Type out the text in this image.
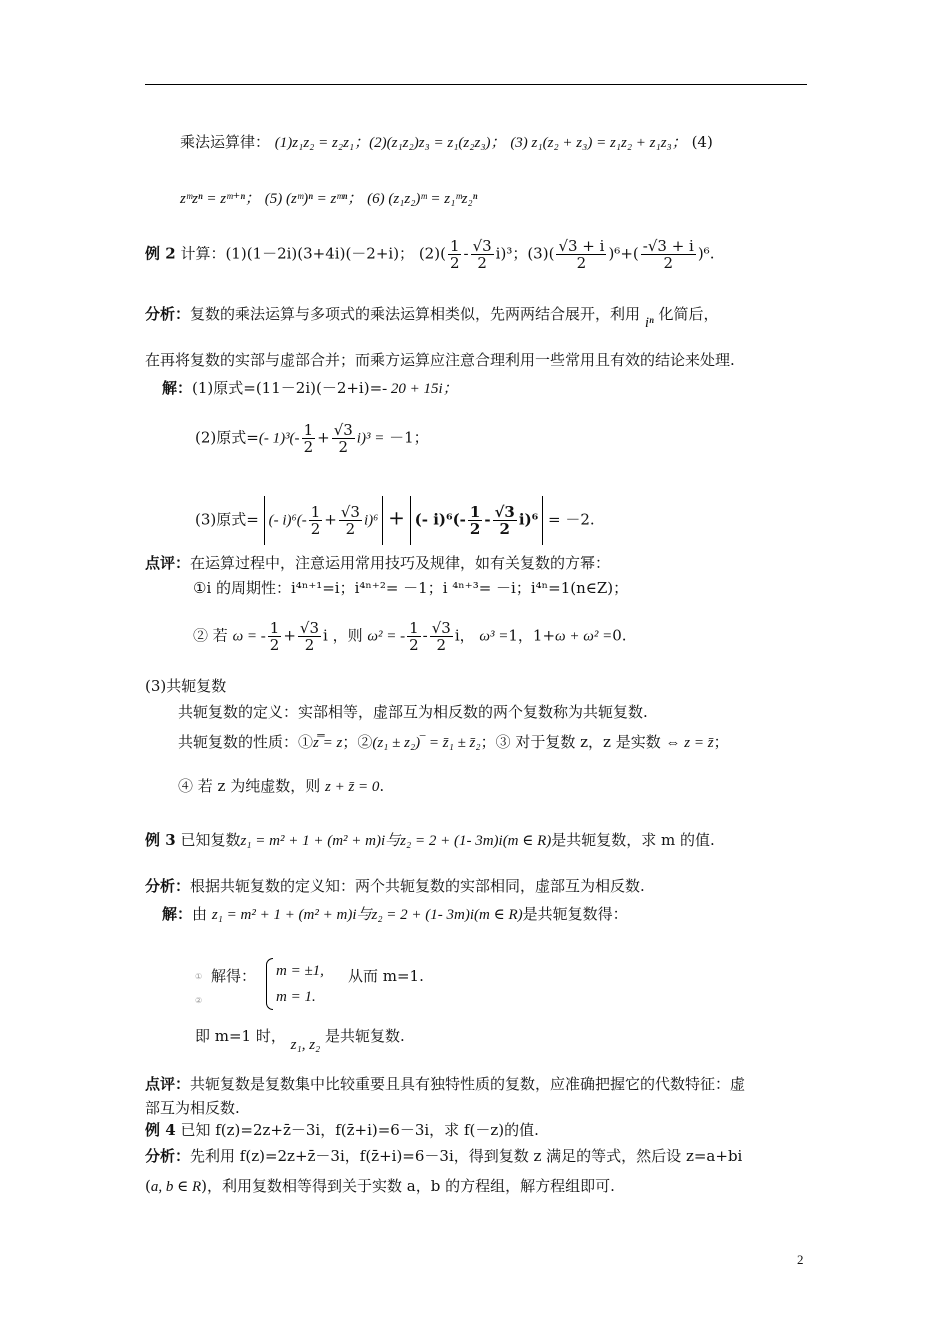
乘法运算律： (1)z₁z₂ = z₂z₁；(2)(z₁z₂)z₃ = z₁(z₂z₃)； (3) z₁(z₂ + z₃) = z₁z₂ + z₁z₃； (4)
zᵐzⁿ = zᵐ⁺ⁿ； (5) (zᵐ)ⁿ = zᵐⁿ； (6) (z₁z₂)ᵐ = z₁ᵐz₂ⁿ
例 2 计算：(1)(1－2i)(3+4i)(－2+i)； $(2)( \frac{1}{2} - \frac{√3}{2} i)^3$；$(3)( \frac{√3 + i}{2} )^6+( \frac{-√3 + i}{2} )^6$.
分析：复数的乘法运算与多项式的乘法运算相类似，先两两结合展开，利用 iⁿ 化简后，
在再将复数的实部与虚部合并；而乘方运算应注意合理利用一些常用且有效的结论来处理.
解：(1)原式=(11－2i)(－2+i)=- 20 + 15i；
(2)原式=(- $1)^3(- \frac{1}{2} + \frac{√3}{2} i)^3 = -1$；
(3)原式= (- $i)^6(- \frac{1}{2} + \frac{√3}{2} i)^6$ + (- $i)^6(- \frac{1}{2} - \frac{√3}{2} i)^6 = -2$.
点评：在运算过程中，注意运用常用技巧及规律，如有关复数的方幂：
①i 的周期性：i⁴ⁿ⁺¹=i；i⁴ⁿ⁺²= －1；i ⁴ⁿ⁺³= －i；i⁴ⁿ=1(n∈Z)；
② 若 ω = - $\frac{1}{2} + \frac{√3}{2}$ i ，则 ω² = - $\frac{1}{2} - \frac{√3}{2}$ i， ω³ =1，1+ω + ω² =0.
(3)共轭复数
共轭复数的定义：实部相等，虚部互为相反数的两个复数称为共轭复数.
共轭复数的性质：①z̿ = z；②(z₁ ± z₂)‾ = z̄₁ ± z̄₂；③ 对于复数 z，z 是实数 ⇔ z = z̄；
④ 若 z 为纯虚数，则 z + z̄ = 0.
例 3 已知复数z₁ = m² + 1 + (m² + m)i与z₂ = 2 + (1- 3m)i(m ∈ R)是共轭复数，求 m 的值.
分析：根据共轭复数的定义知：两个共轭复数的实部相同，虚部互为相反数.
解：由 z₁ = m² + 1 + (m² + m)i与z₂ = 2 + (1- 3m)i(m ∈ R)是共轭复数得：
①
②
解得： m = ±1,
m = 1.
从而 m=1.
即 m=1 时， z₁, z₂ 是共轭复数.
点评：共轭复数是复数集中比较重要且具有独特性质的复数，应准确把握它的代数特征：虚
部互为相反数.
例 4 已知 f(z)=2z+z̄－3i，f(z̄+i)=6－3i，求 f(－z)的值.
分析：先利用 f(z)=2z+z̄－3i，f(z̄+i)=6－3i，得到复数 z 满足的等式，然后设 z=a+bi
(a, b ∈ R)，利用复数相等得到关于实数 a，b 的方程组，解方程组即可.
2
